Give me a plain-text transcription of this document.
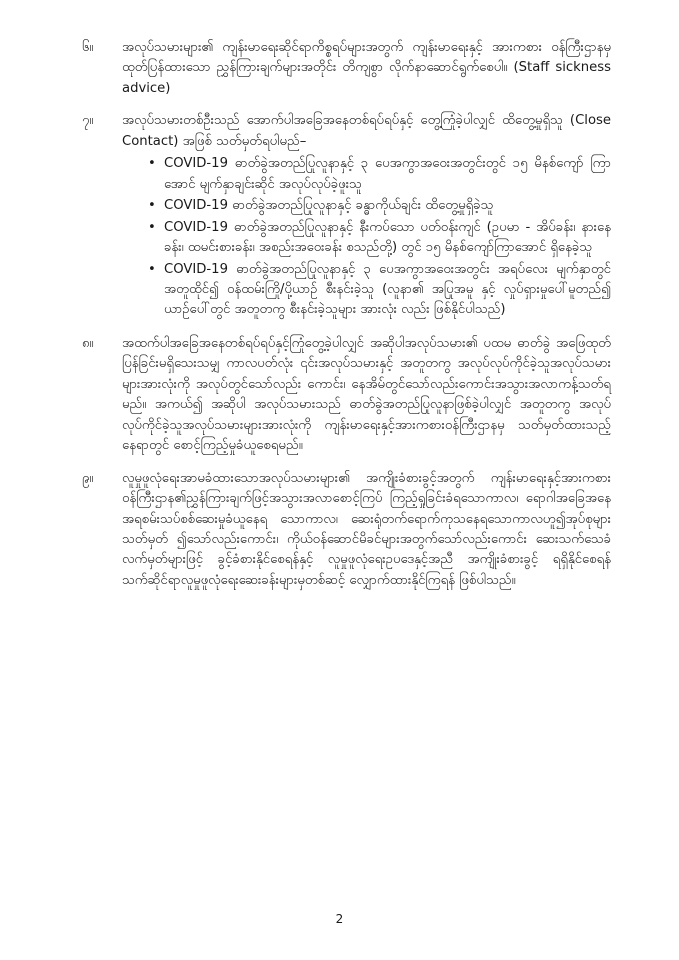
၆။	အလုပ်သမားများ၏ ကျန်းမာရေးဆိုင်ရာကိစ္စရပ်များအတွက် ကျန်းမာရေးနှင့် အားကစား ဝန်ကြီးဌာနမှထုတ်ပြန်ထားသော ညွှန်ကြားချက်များအတိုင်း တိကျစွာ လိုက်နာဆောင်ရွက်စေပါ။ (Staff sickness advice)
၇။	အလုပ်သမားတစ်ဦးသည် အောက်ပါအခြေအနေတစ်ရပ်ရပ်နှင့် တွေ့ကြုံခဲ့ပါလျှင် ထိတွေ့မှုရှိသူ (Close Contact) အဖြစ် သတ်မှတ်ရပါမည်–
• COVID-19 ဓာတ်ခွဲအတည်ပြုလူနာနှင့် ၃ ပေအကွာအဝေးအတွင်းတွင် ၁၅ မိနစ်ကျော် ကြာအောင် မျက်နှာချင်းဆိုင် အလုပ်လုပ်ခဲ့ဖူးသူ
• COVID-19 ဓာတ်ခွဲအတည်ပြုလူနာနှင့် ခန္ဓာကိုယ်ချင်း ထိတွေ့မှုရှိခဲ့သူ
• COVID-19 ဓာတ်ခွဲအတည်ပြုလူနာနှင့် နီးကပ်သော ပတ်ဝန်းကျင် (ဥပမာ - အိပ်ခန်း၊ နားနေခန်း၊ ထမင်းစားခန်း၊ အစည်းအဝေးခန်း စသည်တို့) တွင် ၁၅ မိနစ်ကျော်ကြာအောင် ရှိနေခဲ့သူ
• COVID-19 ဓာတ်ခွဲအတည်ပြုလူနာနှင့် ၃ ပေအကွာအဝေးအတွင်း အရပ်လေး မျက်နှာတွင် အတူထိုင်၍ ဝန်ထမ်းကြို/ပို့ယာဉ် စီးနင်းခဲ့သူ (လူနာ၏ အပြုအမူ နှင့် လှုပ်ရှားမှုပေါ်မူတည်၍ ယာဉ်ပေါ်တွင် အတူတကွ စီးနင်းခဲ့သူများ အားလုံး လည်း ဖြစ်နိုင်ပါသည်)
၈။	အထက်ပါအခြေအနေတစ်ရပ်ရပ်နှင့်ကြုံတွေ့ခဲ့ပါလျှင် အဆိုပါအလုပ်သမား၏ ပထမ ဓာတ်ခွဲ အဖြေထုတ်ပြန်ခြင်းမရှိသေးသမျှ ကာလပတ်လုံး ၎င်းအလုပ်သမားနှင့် အတူတကွ အလုပ်လုပ်ကိုင်ခဲ့သူအလုပ်သမားများအားလုံးကို အလုပ်တွင်သော်လည်း ကောင်း၊ နေအိမ်တွင်သော်လည်းကောင်းအသွားအလာကန့်သတ်ရမည်။ အကယ်၍ အဆိုပါ အလုပ်သမားသည် ဓာတ်ခွဲအတည်ပြုလူနာဖြစ်ခဲ့ပါလျှင် အတူတကွ အလုပ် လုပ်ကိုင်ခဲ့သူအလုပ်သမားများအားလုံးကို ကျန်းမာရေးနှင့်အားကစားဝန်ကြီးဌာနမှ သတ်မှတ်ထားသည့်နေရာတွင် စောင့်ကြည့်မှုခံယူစေရမည်။
၉။	လူမှုဖူလုံရေးအာမခံထားသောအလုပ်သမားများ၏ အကျိုးခံစားခွင့်အတွက် ကျန်းမာရေးနှင့်အားကစားဝန်ကြီးဌာန၏ညွှန်ကြားချက်ဖြင့်အသွားအလာစောင့်ကြပ် ကြည့်ရှုခြင်းခံရသောကာလ၊ ရောဂါအခြေအနေအရစမ်းသပ်စစ်ဆေးမှုခံယူနေရ သောကာလ၊ ဆေးရုံတက်ရောက်ကုသနေရသောကာလဟူ၍အုပ်စုများ သတ်မှတ် ၍သော်လည်းကောင်း၊ ကိုယ်ဝန်ဆောင်မိခင်များအတွက်သော်လည်းကောင်း ဆေးသက်သေခံလက်မှတ်များဖြင့် ခွင့်ခံစားနိုင်စေရန်နှင့် လူမှုဖူလုံရေးဥပဒေနှင့်အညီ အကျိုးခံစားခွင့် ရရှိနိုင်စေရန် သက်ဆိုင်ရာလူမှုဖူလုံရေးဆေးခန်းများမှတစ်ဆင့် လျှောက်ထားနိုင်ကြရန် ဖြစ်ပါသည်။
2
